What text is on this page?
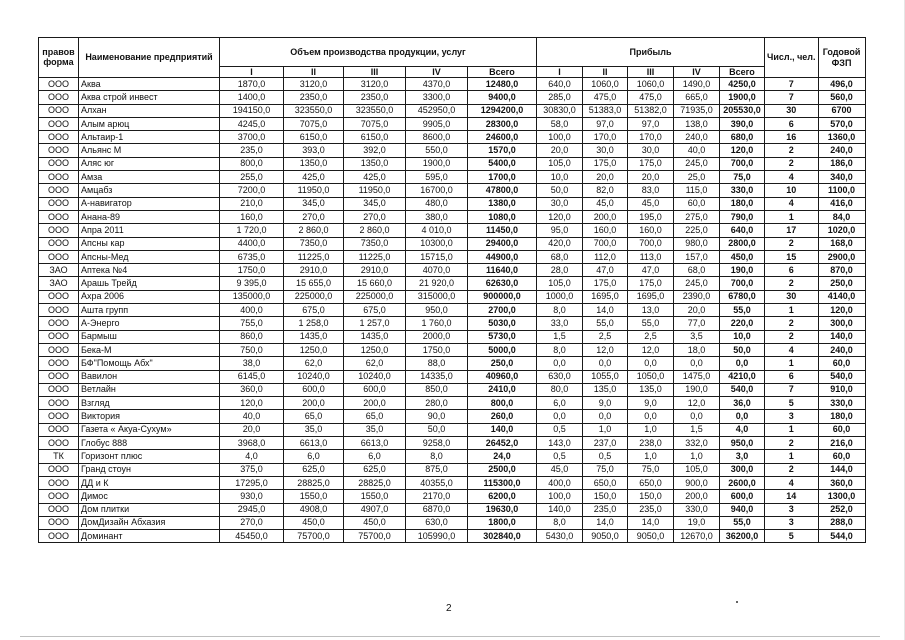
правов форма	Наименование предприятий	Объем производства продукции, услуг					Прибыль					Числ., чел.	Годовой ФЗП
		I	II	III	IV	Всего	I	II	III	IV	Всего		
ООО	Аква	1870,0	3120,0	3120,0	4370,0	12480,0	640,0	1060,0	1060,0	1490,0	4250,0	7	496,0
ООО	Аква строй инвест	1400,0	2350,0	2350,0	3300,0	9400,0	285,0	475,0	475,0	665,0	1900,0	7	560,0
ООО	Алхан	194150,0	323550,0	323550,0	452950,0	1294200,0	30830,0	51383,0	51382,0	71935,0	205530,0	30	6700
ООО	Алым арюц	4245,0	7075,0	7075,0	9905,0	28300,0	58,0	97,0	97,0	138,0	390,0	6	570,0
ООО	Альтаир-1	3700,0	6150,0	6150,0	8600,0	24600,0	100,0	170,0	170,0	240,0	680,0	16	1360,0
ООО	Альянс М	235,0	393,0	392,0	550,0	1570,0	20,0	30,0	30,0	40,0	120,0	2	240,0
ООО	Аляс юг	800,0	1350,0	1350,0	1900,0	5400,0	105,0	175,0	175,0	245,0	700,0	2	186,0
ООО	Амза	255,0	425,0	425,0	595,0	1700,0	10,0	20,0	20,0	25,0	75,0	4	340,0
ООО	Амцабз	7200,0	11950,0	11950,0	16700,0	47800,0	50,0	82,0	83,0	115,0	330,0	10	1100,0
ООО	А-навигатор	210,0	345,0	345,0	480,0	1380,0	30,0	45,0	45,0	60,0	180,0	4	416,0
ООО	Анана-89	160,0	270,0	270,0	380,0	1080,0	120,0	200,0	195,0	275,0	790,0	1	84,0
ООО	Апра 2011	1 720,0	2 860,0	2 860,0	4 010,0	11450,0	95,0	160,0	160,0	225,0	640,0	17	1020,0
ООО	Апсны кар	4400,0	7350,0	7350,0	10300,0	29400,0	420,0	700,0	700,0	980,0	2800,0	2	168,0
ООО	Апсны-Мед	6735,0	11225,0	11225,0	15715,0	44900,0	68,0	112,0	113,0	157,0	450,0	15	2900,0
ЗАО	Аптека №4	1750,0	2910,0	2910,0	4070,0	11640,0	28,0	47,0	47,0	68,0	190,0	6	870,0
ЗАО	Арашь Трейд	9 395,0	15 655,0	15 660,0	21 920,0	62630,0	105,0	175,0	175,0	245,0	700,0	2	250,0
ООО	Ахра 2006	135000,0	225000,0	225000,0	315000,0	900000,0	1000,0	1695,0	1695,0	2390,0	6780,0	30	4140,0
ООО	Ашта групп	400,0	675,0	675,0	950,0	2700,0	8,0	14,0	13,0	20,0	55,0	1	120,0
ООО	А-Энерго	755,0	1 258,0	1 257,0	1 760,0	5030,0	33,0	55,0	55,0	77,0	220,0	2	300,0
ООО	Бармыш	860,0	1435,0	1435,0	2000,0	5730,0	1,5	2,5	2,5	3,5	10,0	2	140,0
ООО	Бека-М	750,0	1250,0	1250,0	1750,0	5000,0	8,0	12,0	12,0	18,0	50,0	4	240,0
ООО	БФ"Помощь Абх"	38,0	62,0	62,0	88,0	250,0	0,0	0,0	0,0	0,0	0,0	1	60,0
ООО	Вавилон	6145,0	10240,0	10240,0	14335,0	40960,0	630,0	1055,0	1050,0	1475,0	4210,0	6	540,0
ООО	Ветлайн	360,0	600,0	600,0	850,0	2410,0	80,0	135,0	135,0	190,0	540,0	7	910,0
ООО	Взгляд	120,0	200,0	200,0	280,0	800,0	6,0	9,0	9,0	12,0	36,0	5	330,0
ООО	Виктория	40,0	65,0	65,0	90,0	260,0	0,0	0,0	0,0	0,0	0,0	3	180,0
ООО	Газета « Акуа-Сухум»	20,0	35,0	35,0	50,0	140,0	0,5	1,0	1,0	1,5	4,0	1	60,0
ООО	Глобус 888	3968,0	6613,0	6613,0	9258,0	26452,0	143,0	237,0	238,0	332,0	950,0	2	216,0
ТК	Горизонт плюс	4,0	6,0	6,0	8,0	24,0	0,5	0,5	1,0	1,0	3,0	1	60,0
ООО	Гранд стоун	375,0	625,0	625,0	875,0	2500,0	45,0	75,0	75,0	105,0	300,0	2	144,0
ООО	ДД и К	17295,0	28825,0	28825,0	40355,0	115300,0	400,0	650,0	650,0	900,0	2600,0	4	360,0
ООО	Димос	930,0	1550,0	1550,0	2170,0	6200,0	100,0	150,0	150,0	200,0	600,0	14	1300,0
ООО	Дом плитки	2945,0	4908,0	4907,0	6870,0	19630,0	140,0	235,0	235,0	330,0	940,0	3	252,0
ООО	ДомДизайн Абхазия	270,0	450,0	450,0	630,0	1800,0	8,0	14,0	14,0	19,0	55,0	3	288,0
ООО	Доминант	45450,0	75700,0	75700,0	105990,0	302840,0	5430,0	9050,0	9050,0	12670,0	36200,0	5	544,0
2
